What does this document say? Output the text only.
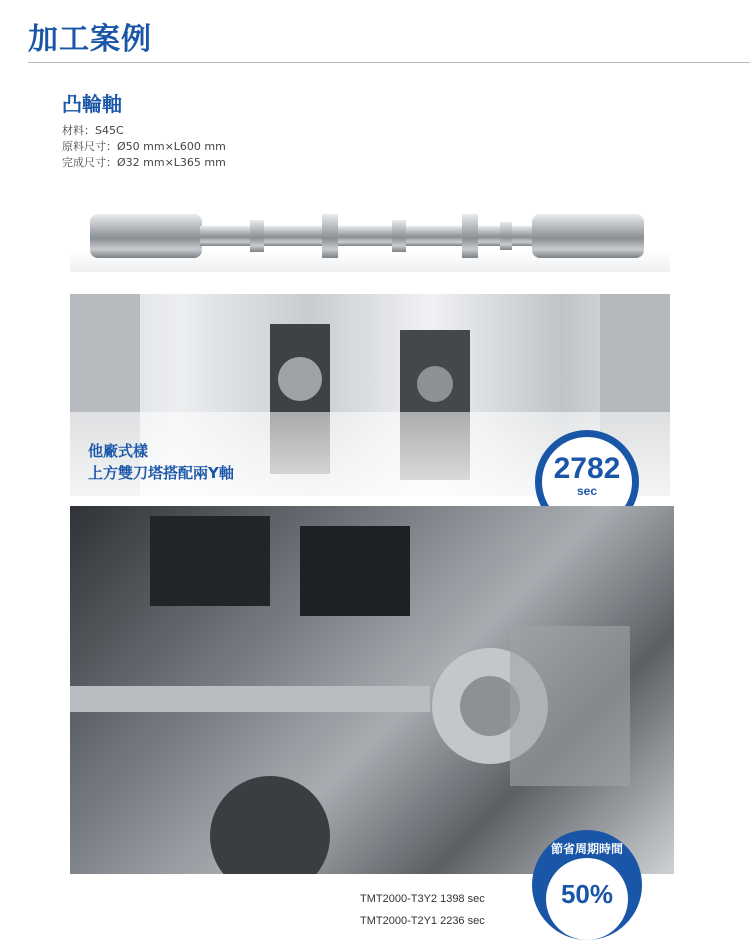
加工案例
凸輪軸
材料：S45C
原料尺寸：Ø50 mm×L600 mm
完成尺寸：Ø32 mm×L365 mm
他廠式樣
上方雙刀塔搭配兩Y軸	2782
sec
TMT2000-T3Y2 1398 sec
TMT2000-T2Y1 2236 sec
節省周期時間
50%
